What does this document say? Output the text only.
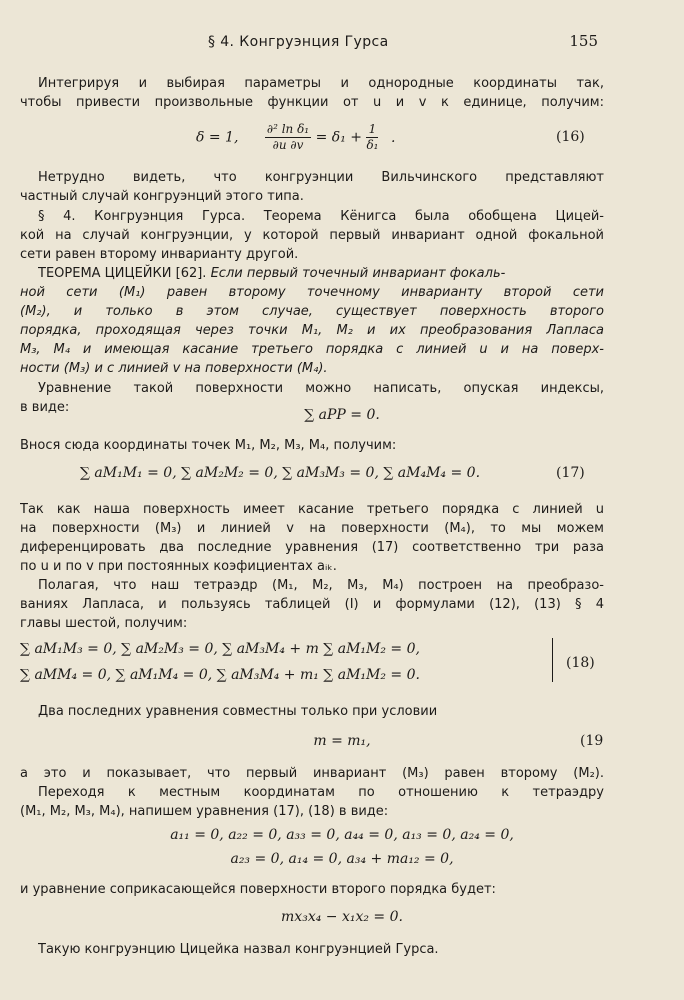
§ 4. Конгруэнция Гурса	155
Интегрируя и выбирая параметры и однородные координаты так,
чтобы привести произвольные функции от u и v к единице, получим:
δ = 1, $\frac{\text{∂² ln δ₁}}{\partial u \partial v} = \delta_1 + \frac{1}{\text{δ₁}}$ .	(16)
Нетрудно видеть, что конгруэнции Вильчинского представляют
частный случай конгруэнций этого типа.
§ 4. Конгруэнция Гурса. Теорема Кёнигса была обобщена Цицей-
кой на случай конгруэнции, у которой первый инвариант одной фокальной
сети равен второму инварианту другой.
ТЕОРЕМА ЦИЦЕЙКИ [62]. Если первый точечный инвариант фокаль-
ной сети (M₁) равен второму точечному инварианту второй сети
(M₂), и только в этом случае, существует поверхность второго
порядка, проходящая через точки M₁, M₂ и их преобразования Лапласа
M₃, M₄ и имеющая касание третьего порядка с линией u и на поверх-
ности (M₃) и с линией v на поверхности (M₄).
Уравнение такой поверхности можно написать, опуская индексы,
в виде:	∑ aPP = 0.
Внося сюда координаты точек M₁, M₂, M₃, M₄, получим:
∑ aM₁M₁ = 0, ∑ aM₂M₂ = 0, ∑ aM₃M₃ = 0, ∑ aM₄M₄ = 0.	(17)
Так как наша поверхность имеет касание третьего порядка с линией u
на поверхности (M₃) и линией v на поверхности (M₄), то мы можем
диференцировать два последние уравнения (17) соответственно три раза
по u и по v при постоянных коэфициентах aᵢₖ.
Полагая, что наш тетраэдр (M₁, M₂, M₃, M₄) построен на преобразо-
ваниях Лапласа, и пользуясь таблицей (I) и формулами (12), (13) § 4
главы шестой, получим:
∑ aM₁M₃ = 0, ∑ aM₂M₃ = 0, ∑ aM₃M₄ + m ∑ aM₁M₂ = 0,
∑ aMM₄ = 0, ∑ aM₁M₄ = 0, ∑ aM₃M₄ + m₁ ∑ aM₁M₂ = 0.
(18)
Два последних уравнения совместны только при условии
m = m₁,	(19
а это и показывает, что первый инвариант (M₃) равен второму (M₂).
Переходя к местным координатам по отношению к тетраэдру
(M₁, M₂, M₃, M₄), напишем уравнения (17), (18) в виде:
a₁₁ = 0, a₂₂ = 0, a₃₃ = 0, a₄₄ = 0, a₁₃ = 0, a₂₄ = 0,
a₂₃ = 0, a₁₄ = 0, a₃₄ + ma₁₂ = 0,
и уравнение соприкасающейся поверхности второго порядка будет:
mx₃x₄ − x₁x₂ = 0.
Такую конгруэнцию Цицейка назвал конгруэнцией Гурса.
